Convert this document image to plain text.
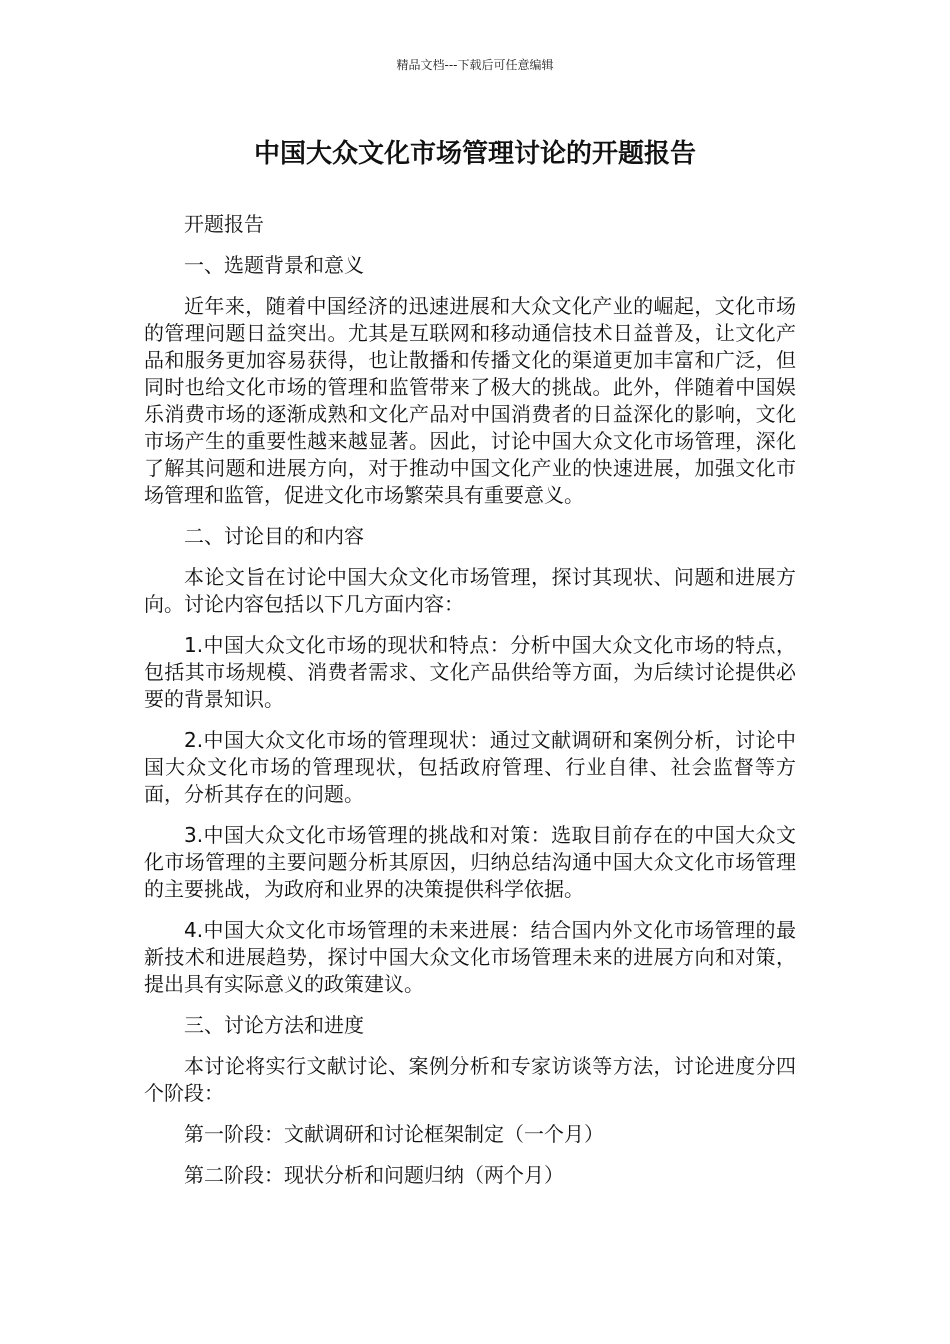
精品文档---下载后可任意编辑
中国大众文化市场管理讨论的开题报告

开题报告

一、选题背景和意义

近年来，随着中国经济的迅速进展和大众文化产业的崛起，文化市场的管理问题日益突出。尤其是互联网和移动通信技术日益普及，让文化产品和服务更加容易获得，也让散播和传播文化的渠道更加丰富和广泛，但同时也给文化市场的管理和监管带来了极大的挑战。此外，伴随着中国娱乐消费市场的逐渐成熟和文化产品对中国消费者的日益深化的影响，文化市场产生的重要性越来越显著。因此，讨论中国大众文化市场管理，深化了解其问题和进展方向，对于推动中国文化产业的快速进展，加强文化市场管理和监管，促进文化市场繁荣具有重要意义。

二、讨论目的和内容

本论文旨在讨论中国大众文化市场管理，探讨其现状、问题和进展方向。讨论内容包括以下几方面内容：

1.中国大众文化市场的现状和特点：分析中国大众文化市场的特点，包括其市场规模、消费者需求、文化产品供给等方面，为后续讨论提供必要的背景知识。

2.中国大众文化市场的管理现状：通过文献调研和案例分析，讨论中国大众文化市场的管理现状，包括政府管理、行业自律、社会监督等方面，分析其存在的问题。

3.中国大众文化市场管理的挑战和对策：选取目前存在的中国大众文化市场管理的主要问题分析其原因，归纳总结沟通中国大众文化市场管理的主要挑战，为政府和业界的决策提供科学依据。

4.中国大众文化市场管理的未来进展：结合国内外文化市场管理的最新技术和进展趋势，探讨中国大众文化市场管理未来的进展方向和对策，提出具有实际意义的政策建议。

三、讨论方法和进度

本讨论将实行文献讨论、案例分析和专家访谈等方法，讨论进度分四个阶段：

第一阶段：文献调研和讨论框架制定（一个月）

第二阶段：现状分析和问题归纳（两个月）
